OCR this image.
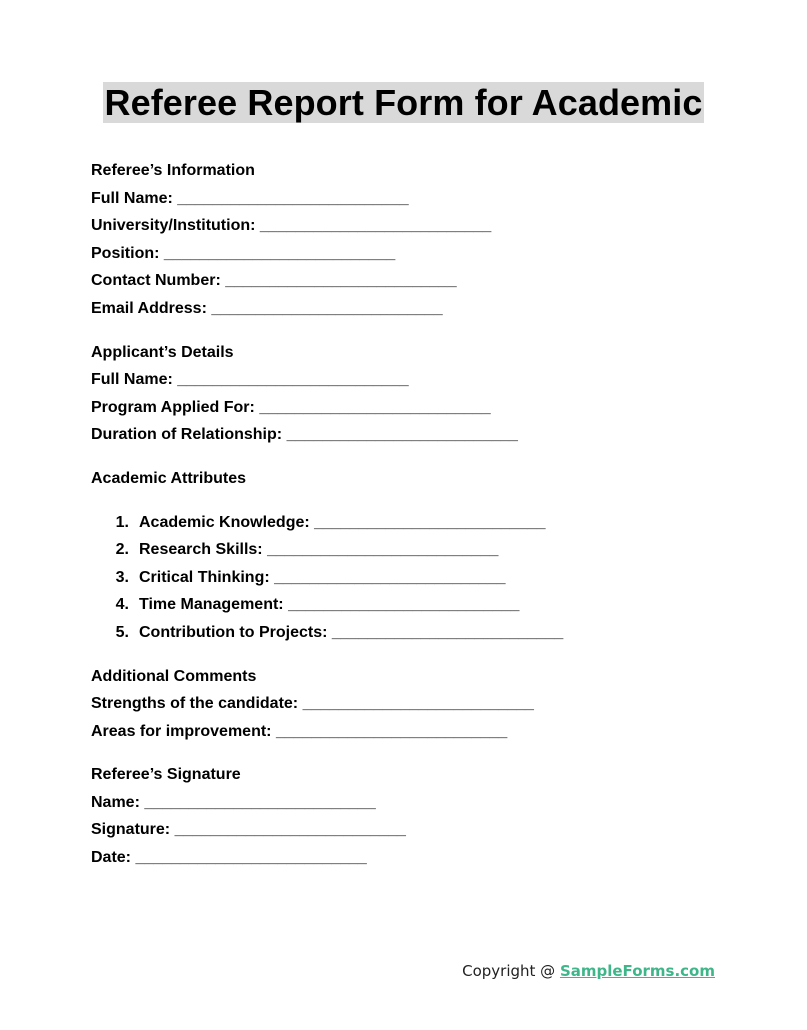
Referee Report Form for Academic
Referee’s Information
Full Name: __________________________
University/Institution: __________________________
Position: __________________________
Contact Number: __________________________
Email Address: __________________________
Applicant’s Details
Full Name: __________________________
Program Applied For: __________________________
Duration of Relationship: __________________________
Academic Attributes
1. Academic Knowledge: __________________________
2. Research Skills: __________________________
3. Critical Thinking: __________________________
4. Time Management: __________________________
5. Contribution to Projects: __________________________
Additional Comments
Strengths of the candidate: __________________________
Areas for improvement: __________________________
Referee’s Signature
Name: __________________________
Signature: __________________________
Date: __________________________
Copyright @ SampleForms.com
